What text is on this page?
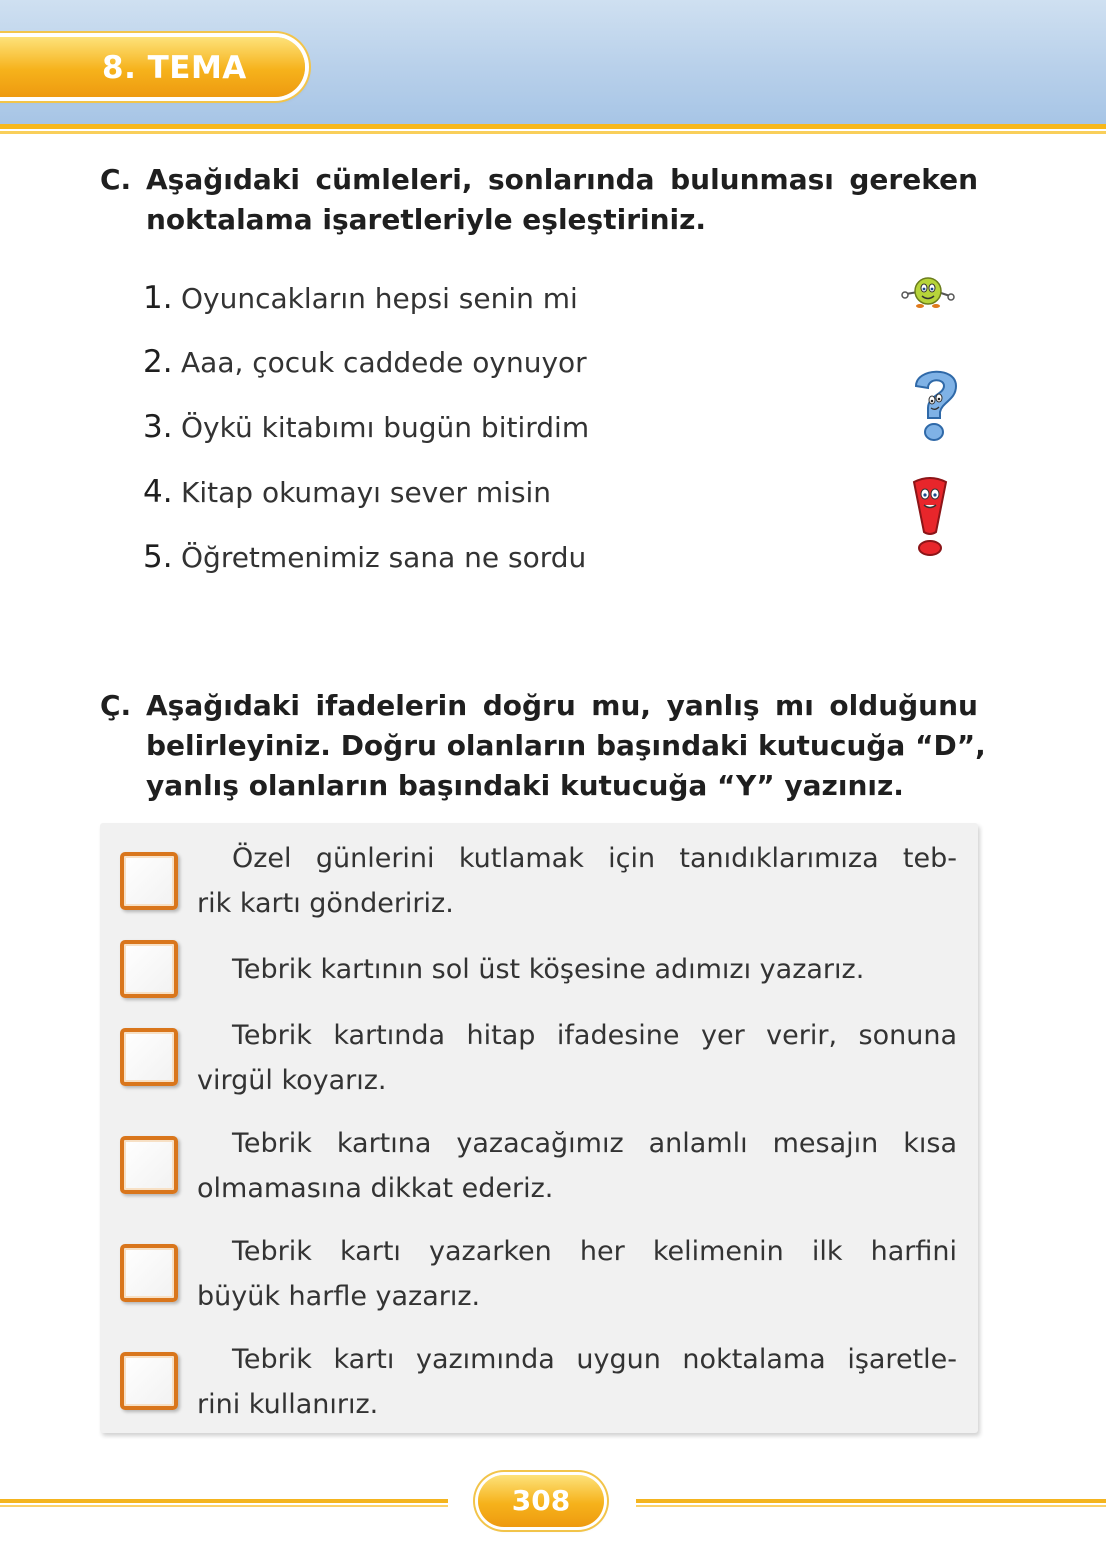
8. TEMA
C. Aşağıdaki cümleleri, sonlarında bulunması gereken
noktalama işaretleriyle eşleştiriniz.
1. Oyuncakların hepsi senin mi
2. Aaa, çocuk caddede oynuyor
3. Öykü kitabımı bugün bitirdim
4. Kitap okumayı sever misin
5. Öğretmenimiz sana ne sordu
Ç. Aşağıdaki ifadelerin doğru mu, yanlış mı olduğunu
belirleyiniz. Doğru olanların başındaki kutucuğa “D”,
yanlış olanların başındaki kutucuğa “Y” yazınız.
Özel günlerini kutlamak için tanıdıklarımıza teb-
rik kartı göndeririz.
Tebrik kartının sol üst köşesine adımızı yazarız.
Tebrik kartında hitap ifadesine yer verir, sonuna
virgül koyarız.
Tebrik kartına yazacağımız anlamlı mesajın kısa
olmamasına dikkat ederiz.
Tebrik kartı yazarken her kelimenin ilk harfini
büyük harfle yazarız.
Tebrik kartı yazımında uygun noktalama işaretle-
rini kullanırız.
308
